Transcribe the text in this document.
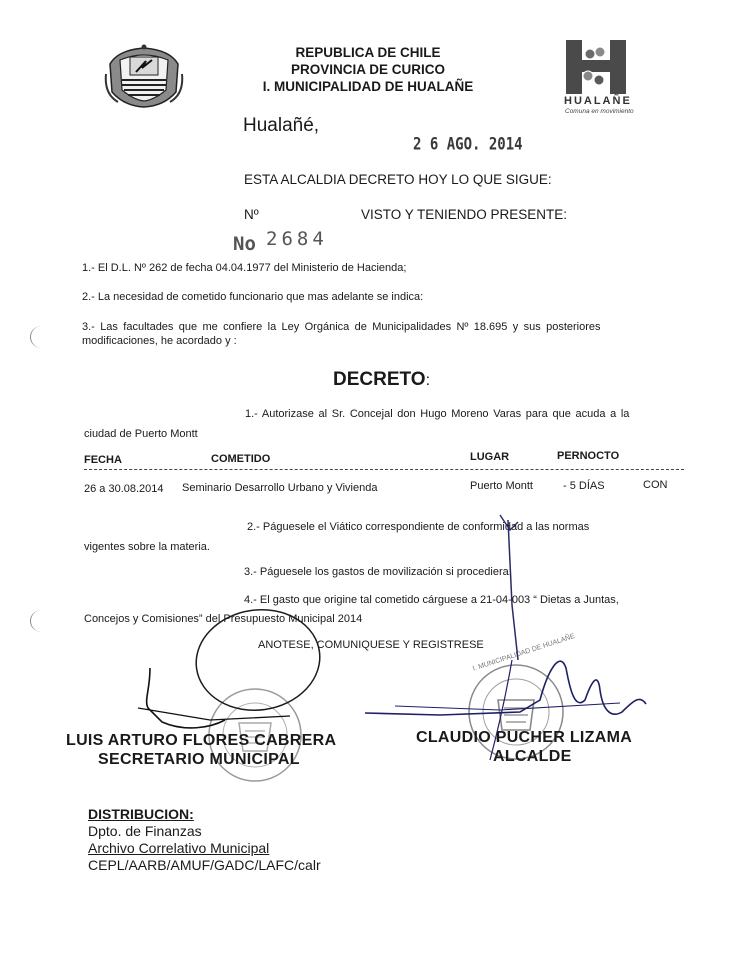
REPUBLICA DE CHILE
PROVINCIA DE CURICO
I. MUNICIPALIDAD DE HUALAÑE
HUALAÑE
Comuna en movimiento
Hualañé,
2 6 AGO. 2014
ESTA ALCALDIA DECRETO HOY LO QUE SIGUE:
Nº	VISTO Y TENIENDO PRESENTE:
No 2684
1.- El D.L. Nº 262 de fecha 04.04.1977 del Ministerio de Hacienda;
2.- La necesidad de cometido funcionario que mas adelante se indica:
3.- Las facultades que me confiere la Ley Orgánica de Municipalidades Nº 18.695 y sus posteriores
modificaciones, he acordado y :
DECRETO:
1.- Autorizase al Sr. Concejal don Hugo Moreno Varas para que acuda a la
ciudad de Puerto Montt
FECHA	COMETIDO	LUGAR	PERNOCTO
26 a 30.08.2014 Seminario Desarrollo Urbano y Vivienda	Puerto Montt	- 5 DÍAS	CON
2.- Páguesele el Viático correspondiente de conformidad a las normas
vigentes sobre la materia.
3.- Páguesele los gastos de movilización si procediera.
4.- El gasto que origine tal cometido cárguese a 21-04-003 “ Dietas a Juntas,
Concejos y Comisiones” del Presupuesto Municipal 2014
ANOTESE, COMUNIQUESE Y REGISTRESE
I. MUNICIPALIDAD DE HUALAÑE
LUIS ARTURO FLORES CABRERA
SECRETARIO MUNICIPAL
CLAUDIO PUCHER LIZAMA
ALCALDE
DISTRIBUCION:
Dpto. de Finanzas
Archivo Correlativo Municipal
CEPL/AARB/AMUF/GADC/LAFC/calr
